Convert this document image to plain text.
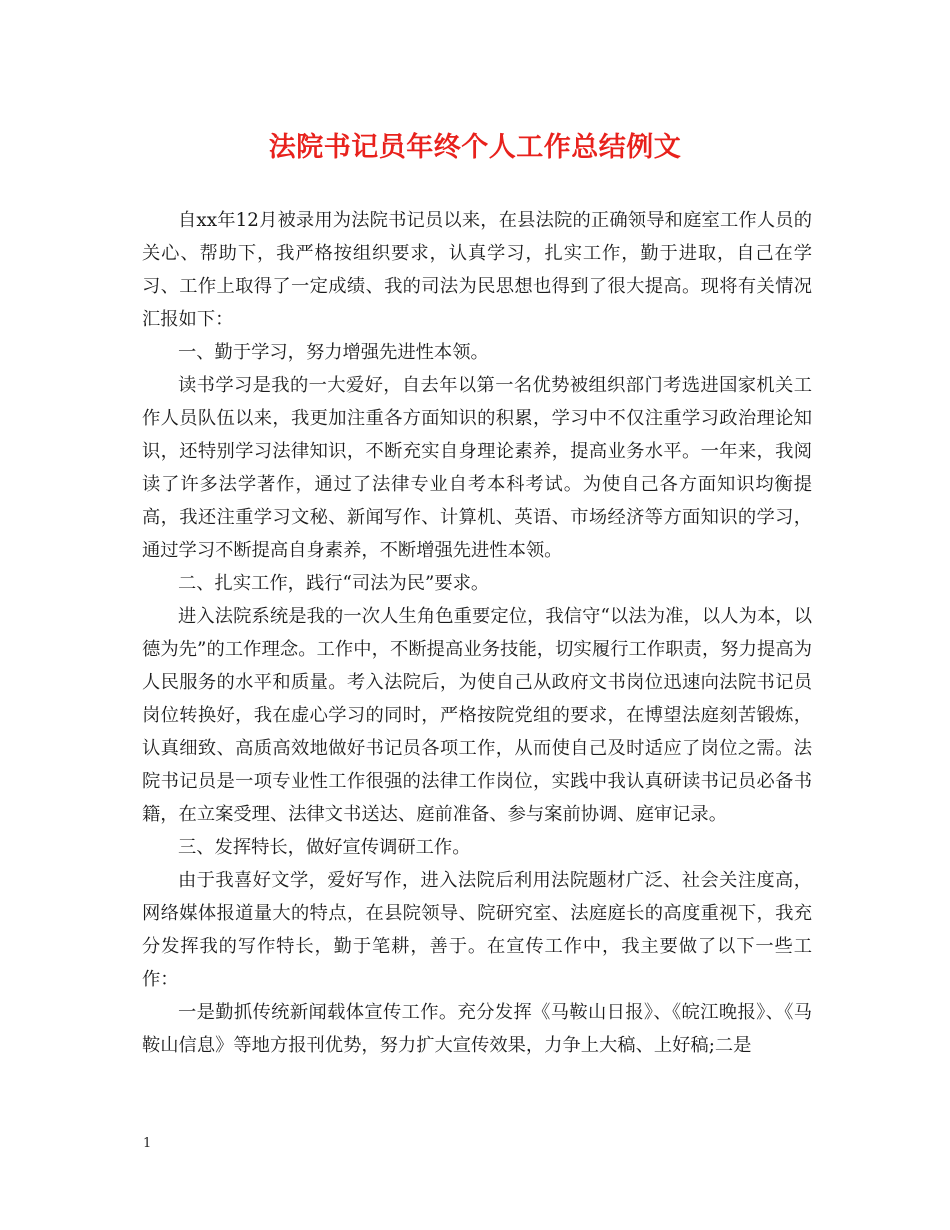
法院书记员年终个人工作总结例文

自xx年12月被录用为法院书记员以来，在县法院的正确领导和庭室工作人员的关心、帮助下，我严格按组织要求，认真学习，扎实工作，勤于进取，自己在学习、工作上取得了一定成绩、我的司法为民思想也得到了很大提高。现将有关情况汇报如下：

一、勤于学习，努力增强先进性本领。

读书学习是我的一大爱好，自去年以第一名优势被组织部门考选进国家机关工作人员队伍以来，我更加注重各方面知识的积累，学习中不仅注重学习政治理论知识，还特别学习法律知识，不断充实自身理论素养，提高业务水平。一年来，我阅读了许多法学著作，通过了法律专业自考本科考试。为使自己各方面知识均衡提高，我还注重学习文秘、新闻写作、计算机、英语、市场经济等方面知识的学习，通过学习不断提高自身素养，不断增强先进性本领。

二、扎实工作，践行“司法为民”要求。

进入法院系统是我的一次人生角色重要定位，我信守“以法为准，以人为本，以德为先”的工作理念。工作中，不断提高业务技能，切实履行工作职责，努力提高为人民服务的水平和质量。考入法院后，为使自己从政府文书岗位迅速向法院书记员岗位转换好，我在虚心学习的同时，严格按院党组的要求，在博望法庭刻苦锻炼，认真细致、高质高效地做好书记员各项工作，从而使自己及时适应了岗位之需。法院书记员是一项专业性工作很强的法律工作岗位，实践中我认真研读书记员必备书籍，在立案受理、法律文书送达、庭前准备、参与案前协调、庭审记录。

三、发挥特长，做好宣传调研工作。

由于我喜好文学，爱好写作，进入法院后利用法院题材广泛、社会关注度高，网络媒体报道量大的特点，在县院领导、院研究室、法庭庭长的高度重视下，我充分发挥我的写作特长，勤于笔耕，善于。在宣传工作中，我主要做了以下一些工作：

一是勤抓传统新闻载体宣传工作。充分发挥《马鞍山日报》、《皖江晚报》、《马鞍山信息》等地方报刊优势，努力扩大宣传效果，力争上大稿、上好稿;二是

1
